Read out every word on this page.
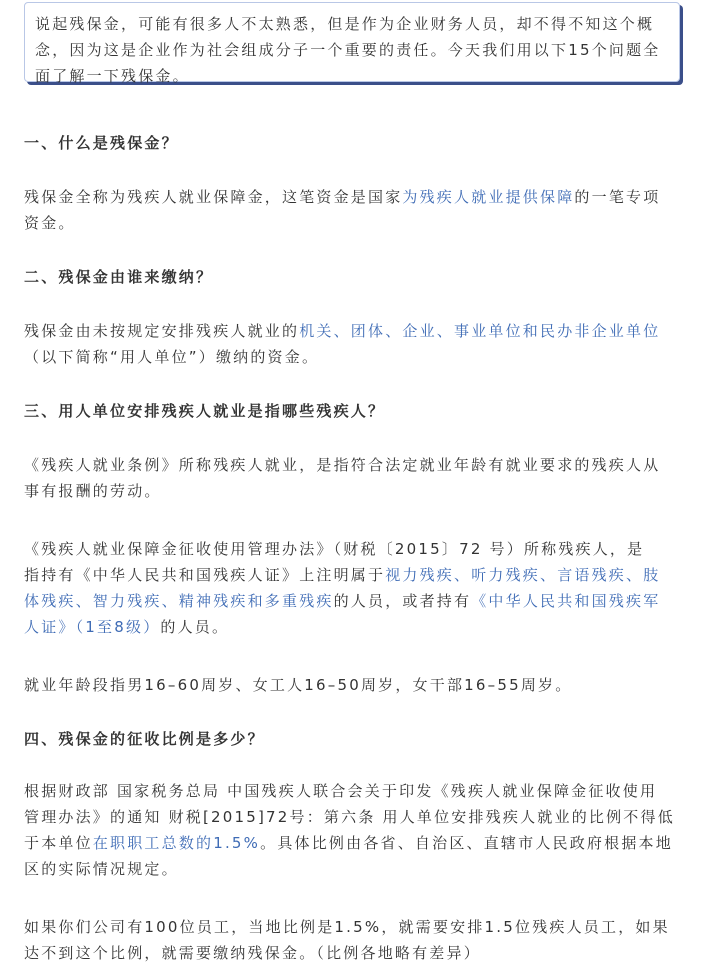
说起残保金，可能有很多人不太熟悉，但是作为企业财务人员，却不得不知这个概
念，因为这是企业作为社会组成分子一个重要的责任。今天我们用以下15个问题全
面了解一下残保金。
一、什么是残保金？
残保金全称为残疾人就业保障金，这笔资金是国家为残疾人就业提供保障的一笔专项
资金。
二、残保金由谁来缴纳？
残保金由未按规定安排残疾人就业的机关、团体、企业、事业单位和民办非企业单位
（以下简称“用人单位”）缴纳的资金。
三、用人单位安排残疾人就业是指哪些残疾人？
《残疾人就业条例》所称残疾人就业，是指符合法定就业年龄有就业要求的残疾人从
事有报酬的劳动。
《残疾人就业保障金征收使用管理办法》（财税〔2015〕72 号）所称残疾人，是
指持有《中华人民共和国残疾人证》上注明属于视力残疾、听力残疾、言语残疾、肢
体残疾、智力残疾、精神残疾和多重残疾的人员，或者持有《中华人民共和国残疾军
人证》（1至8级）的人员。
就业年龄段指男16–60周岁、女工人16–50周岁，女干部16–55周岁。
四、残保金的征收比例是多少？
根据财政部 国家税务总局 中国残疾人联合会关于印发《残疾人就业保障金征收使用
管理办法》的通知 财税[2015]72号：第六条 用人单位安排残疾人就业的比例不得低
于本单位在职职工总数的1.5%。具体比例由各省、自治区、直辖市人民政府根据本地
区的实际情况规定。
如果你们公司有100位员工，当地比例是1.5%，就需要安排1.5位残疾人员工，如果
达不到这个比例，就需要缴纳残保金。（比例各地略有差异）
